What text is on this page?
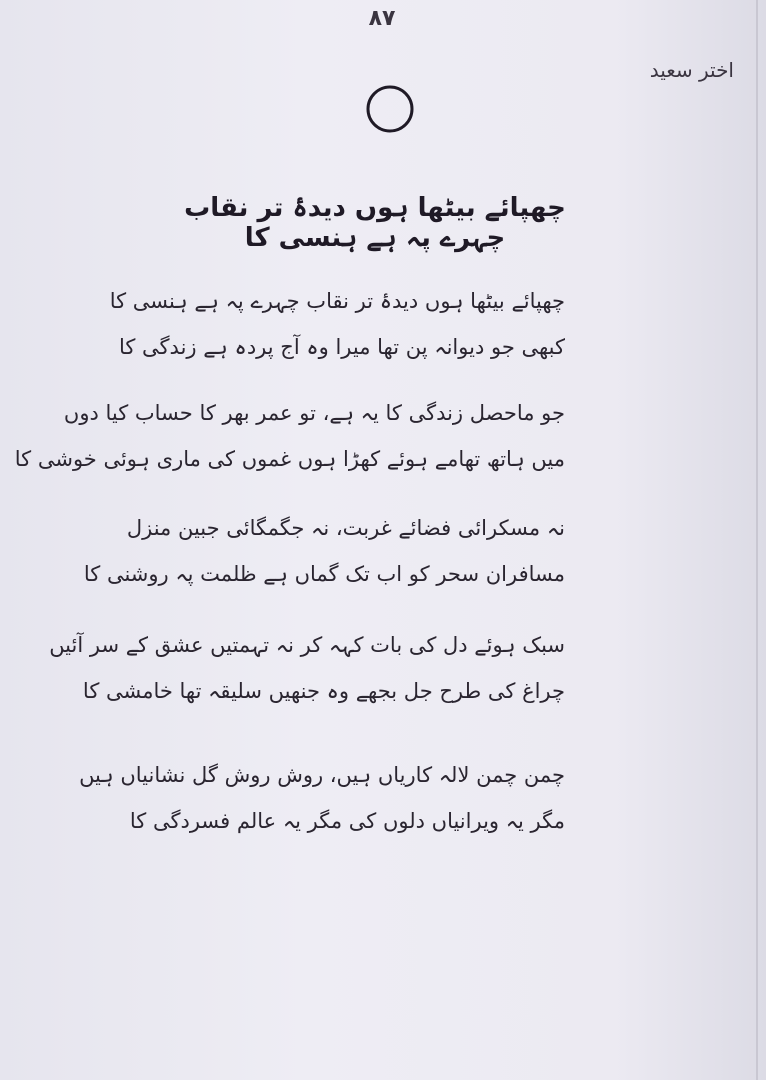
۸۷
اختر سعید
چھپائے بیٹھا ہوں دیدۂ تر نقاب چہرے پہ ہے ہنسی کا
چھپائے بیٹھا ہوں دیدۂ تر نقاب چہرے پہ ہے ہنسی کا
کبھی جو دیوانہ پن تھا میرا وہ آج پردہ ہے زندگی کا
جو ماحصل زندگی کا یہ ہے، تو عمر بھر کا حساب کیا دوں
میں ہاتھ تھامے ہوئے کھڑا ہوں غموں کی ماری ہوئی خوشی کا
نہ مسکرائی فضائے غربت، نہ جگمگائی جبین منزل
مسافران سحر کو اب تک گماں ہے ظلمت پہ روشنی کا
سبک ہوئے دل کی بات کہہ کر نہ تہمتیں عشق کے سر آئیں
چراغ کی طرح جل بجھے وہ جنھیں سلیقہ تھا خامشی کا
چمن چمن لالہ کاریاں ہیں، روش روش گل نشانیاں ہیں
مگر یہ ویرانیاں دلوں کی مگر یہ عالم فسردگی کا
